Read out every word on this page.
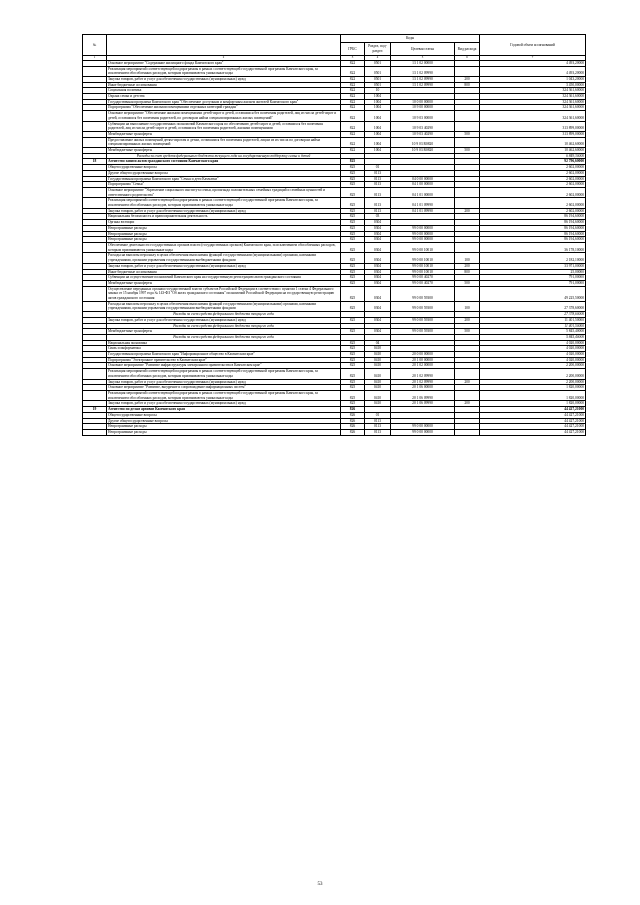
№		Коды				Годовой объем ассигнований
		ГРБС	Раздел, под-раздел	Целевая статья	Вид расхода	
1	2	3	4	5	6	7
	Основное мероприятие "Содержание жилищного фонда Камчатского края"	822	0501	13 1 02 00000		4 493,20000
	Реализация мероприятий соответствующей подпрограммы в рамках соответствующей государственной программы Камчатского края, за исключением обособленных расходов, которым присваиваются уникальные коды	822	0501	13 1 02 09990		4 493,20000
	Закупка товаров, работ и услуг для обеспечения государственных (муниципальных) нужд	822	0501	13 1 02 09990	200	1 043,20000
	Иные бюджетные ассигнования	822	0501	13 1 02 09990	800	3 450,00000
	Социальная политика	822	10			324 361,60000
	Охрана семьи и детства	822	1004			324 361,60000
	Государственная программа Камчатского края "Обеспечение доступным и комфортным жильем жителей Камчатского края"	822	1004	10 0 00 00000		324 361,60000
	Подпрограмма "Обеспечение жилыми помещениями отдельных категорий граждан"	822	1004	10 9 00 00000		324 361,60000
	Основное мероприятие "Обеспечение жилыми помещениями детей-сирот и детей, оставшихся без попечения родителей, лиц из числа детей-сирот и детей, оставшихся без попечения родителей, по договорам найма специализированных жилых помещений"	822	1004	10 9 03 00000		324 361,60000
	Субвенции на выполнение государственных полномочий Камчатского края по обеспечению детей-сирот и детей, оставшихся без попечения родителей, лиц из числа детей-сирот и детей, оставшихся без попечения родителей, жилыми помещениями	822	1004	10 9 03 40290		313 899,00000
	Межбюджетные трансферты	822	1004	10 9 03 40290	500	313 899,00000
	Предоставление жилых помещений детям-сиротам и детям, оставшимся без попечения родителей, лицам из их числа по договорам найма специализированных жилых помещений	822	1004	10 9 03 R0820		10 462,60000
	Межбюджетные трансферты	822	1004	10 9 03 R0820	500	10 462,60000
	Расходы за счет средств федерального бюджета текущего года на государственную поддержку семьи и детей					6 849,30000
18	Агентство записи актов гражданского состояния Камчатского края	825				92 796,60000
	Общегосударственные вопросы	825	01			2 602,00000
	Другие общегосударственные вопросы	825	0113			2 602,00000
	Государственная программа Камчатского края "Семья и дети Камчатки"	825	0113	04 0 00 00000		2 602,00000
	Подпрограмма "Семья"	825	0113	04 1 00 00000		2 602,00000
	Основное мероприятие "Укрепление социального института семьи, пропаганда положительных семейных традиций и семейных ценностей и ответственного родительства"	825	0113	04 1 01 00000		2 602,00000
	Реализация мероприятий соответствующей подпрограммы в рамках соответствующей государственной программы Камчатского края, за исключением обособленных расходов, которым присваиваются уникальные коды	825	0113	04 1 01 09990		2 602,00000
	Закупка товаров, работ и услуг для обеспечения государственных (муниципальных) нужд	825	0113	04 1 01 09990	200	2 602,00000
	Национальная безопасность и правоохранительная деятельность	825	03			86 194,60000
	Органы юстиции	825	0304			86 194,60000
	Непрограммные расходы	825	0304	99 0 00 00000		86 194,60000
	Непрограммные расходы	825	0304	99 0 00 00000		86 194,60000
	Непрограммные расходы	825	0304	99 0 00 00000		86 194,60000
	Обеспечение деятельности государственных органов власти (государственных органов) Камчатского края, за исключением обособленных расходов, которым присваиваются уникальные коды	825	0304	99 0 00 10010		36 178,10000
	Расходы на выплаты персоналу в целях обеспечения выполнения функций государственными (муниципальными) органами, казенными учреждениями, органами управления государственными внебюджетными фондами	825	0304	99 0 00 10010	100	2 182,10000
	Закупка товаров, работ и услуг для обеспечения государственных (муниципальных) нужд	825	0304	99 0 00 10010	200	33 971,00000
	Иные бюджетные ассигнования	825	0304	99 0 00 10010	800	25,00000
	Субвенции на осуществление полномочий Камчатского края на государственную регистрацию актов гражданского состояния	825	0304	99 0 00 40270		791,00000
	Межбюджетные трансферты	825	0304	99 0 00 40270	500	791,00000
	Осуществление переданных органам государственной власти субъектов Российской Федерации в соответствии с пунктом 1 статьи 4 Федерального закона от 15 ноября 1997 года № 143-ФЗ "Об актах гражданского состояния" полномочий Российской Федерации на государственную регистрацию актов гражданского состояния	825	0304	99 0 00 59300		49 225,50000
	Расходы на выплаты персоналу в целях обеспечения выполнения функций государственными (муниципальными) органами, казенными учреждениями, органами управления государственными внебюджетными фондами	825	0304	99 0 00 59300	100	27 378,60000
	Расходы за счет средств федерального бюджета текущего года					27 378,60000
	Закупка товаров, работ и услуг для обеспечения государственных (муниципальных) нужд	825	0304	99 0 00 59300	200	11 401,50000
	Расходы за счет средств федерального бюджета текущего года					11 401,50000
	Межбюджетные трансферты	825	0304	99 0 00 59300	500	5 845,40000
	Расходы за счет средств федерального бюджета текущего года					5 845,40000
	Национальная экономика	825	04			4 020,00000
	Связь и информатика	825	0410			4 020,00000
	Государственная программа Камчатского края "Информационное общество в Камчатском крае"	825	0410	20 0 00 00000		4 020,00000
	Подпрограмма "Электронное правительство в Камчатском крае"	825	0410	20 1 00 00000		4 020,00000
	Основное мероприятие "Развитие инфраструктуры электронного правительства в Камчатском крае"	825	0410	20 1 02 00000		2 200,00000
	Реализация мероприятий соответствующей подпрограммы в рамках соответствующей государственной программы Камчатского края, за исключением обособленных расходов, которым присваиваются уникальные коды	825	0410	20 1 02 09990		2 200,00000
	Закупка товаров, работ и услуг для обеспечения государственных (муниципальных) нужд	825	0410	20 1 02 09990	200	2 200,00000
	Основное мероприятие "Развитие, внедрение и сопровождение информационных систем"	825	0410	20 1 06 00000		1 820,00000
	Реализация мероприятий соответствующей подпрограммы в рамках соответствующей государственной программы Камчатского края, за исключением обособленных расходов, которым присваиваются уникальные коды	825	0410	20 1 06 09990		1 820,00000
	Закупка товаров, работ и услуг для обеспечения государственных (муниципальных) нужд	825	0410	20 1 06 09990	200	1 820,00000
19	Агентство по делам архивов Камчатского края	826				44 427,21000
	Общегосударственные вопросы	826	01			44 427,21000
	Другие общегосударственные вопросы	826	0113			44 427,21000
	Непрограммные расходы	826	0113	99 0 00 00000		44 427,21000
	Непрограммные расходы	826	0113	99 0 00 00000		44 427,21000
53
